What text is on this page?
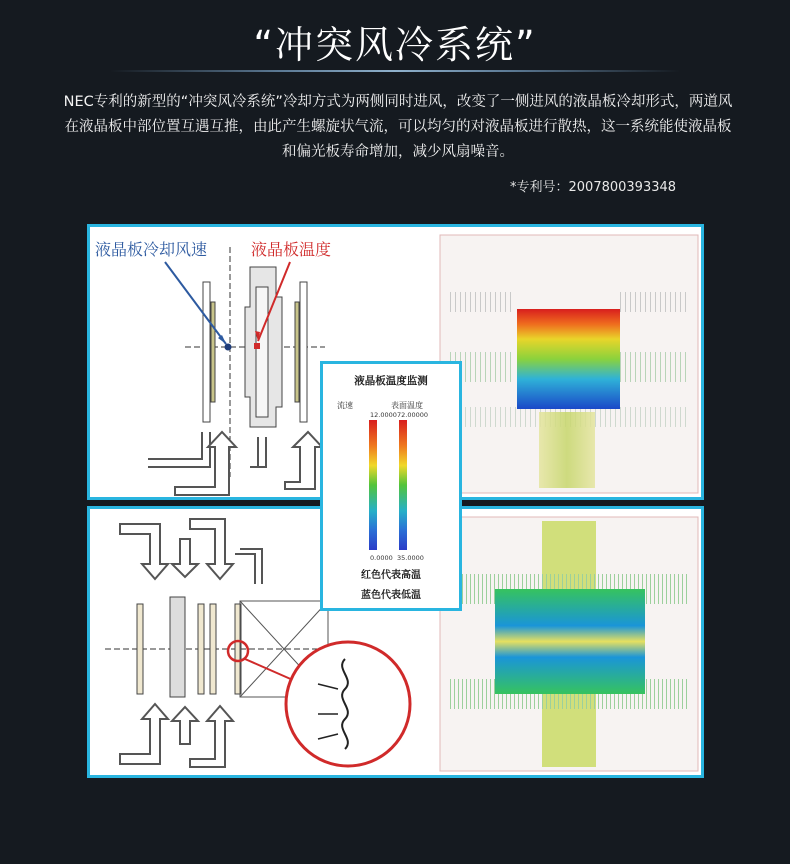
“冲突风冷系统”
NEC专利的新型的“冲突风冷系统”冷却方式为两侧同时进风，改变了一侧进风的液晶板冷却形式，两道风在液晶板中部位置互遇互推，由此产生螺旋状气流，可以均匀的对液晶板进行散热，这一系统能使液晶板和偏光板寿命增加，减少风扇噪音。
*专利号：2007800393348
液晶板冷却风速	液晶板温度
液晶板温度监测
流速	表面温度
12.0000 72.00000
0.0000 35.0000
红色代表高温
蓝色代表低温
